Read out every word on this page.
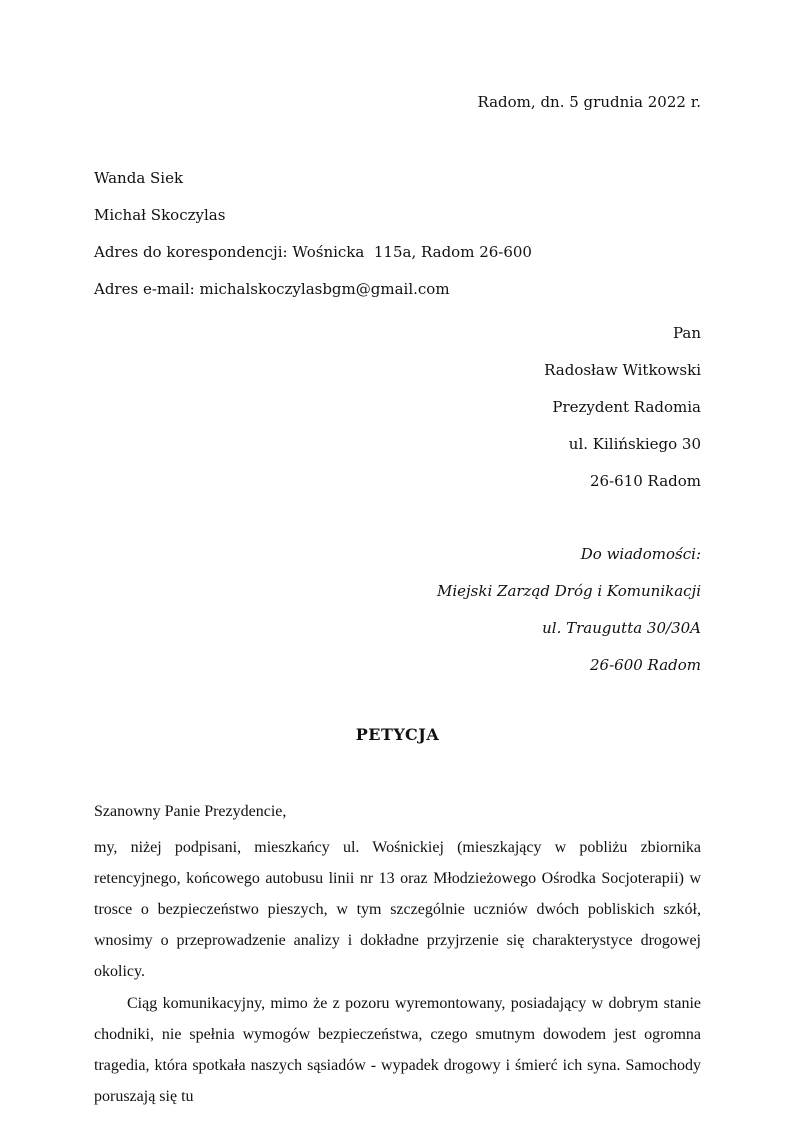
Radom, dn. 5 grudnia 2022 r.
Wanda Siek
Michał Skoczylas
Adres do korespondencji: Wośnicka  115a, Radom 26-600
Adres e-mail: michalskoczylasbgm@gmail.com
Pan
Radosław Witkowski
Prezydent Radomia
ul. Kilińskiego 30
26-610 Radom
Do wiadomości:
Miejski Zarząd Dróg i Komunikacji
ul. Traugutta 30/30A
26-600 Radom
PETYCJA
Szanowny Panie Prezydencie,

my, niżej podpisani, mieszkańcy ul. Wośnickiej (mieszkający w pobliżu zbiornika retencyjnego, końcowego autobusu linii nr 13 oraz Młodzieżowego Ośrodka Socjoterapii) w trosce o bezpieczeństwo pieszych, w tym szczególnie uczniów dwóch pobliskich szkół, wnosimy o przeprowadzenie analizy i dokładne przyjrzenie się charakterystyce drogowej okolicy.

Ciąg komunikacyjny, mimo że z pozoru wyremontowany, posiadający w dobrym stanie chodniki, nie spełnia wymogów bezpieczeństwa, czego smutnym dowodem jest ogromna tragedia, która spotkała naszych sąsiadów - wypadek drogowy i śmierć ich syna. Samochody poruszają się tu
